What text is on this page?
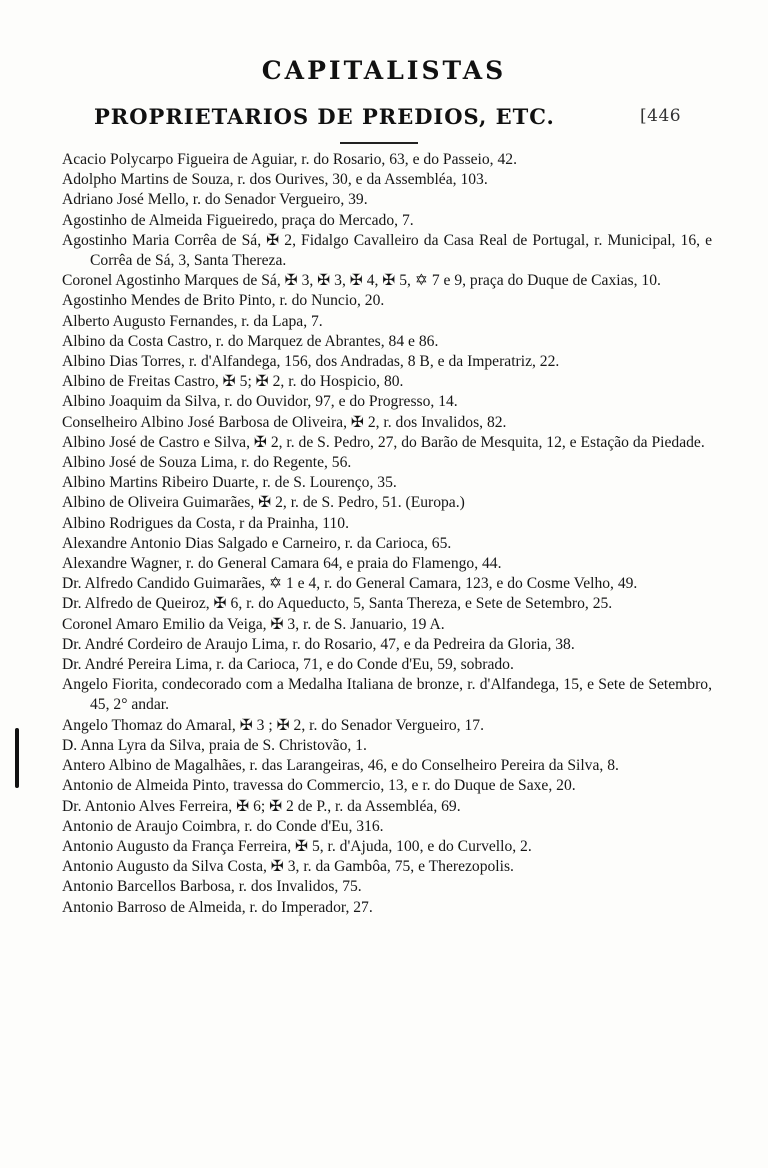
CAPITALISTAS
PROPRIETARIOS DE PREDIOS, ETC.	[446

Acacio Polycarpo Figueira de Aguiar, r. do Rosario, 63, e do Passeio, 42.

Adolpho Martins de Souza, r. dos Ourives, 30, e da Assembléa, 103.

Adriano José Mello, r. do Senador Vergueiro, 39.

Agostinho de Almeida Figueiredo, praça do Mercado, 7.

Agostinho Maria Corrêa de Sá, ✠ 2, Fidalgo Cavalleiro da Casa Real de Portugal, r. Municipal, 16, e Corrêa de Sá, 3, Santa Thereza.

Coronel Agostinho Marques de Sá, ✠ 3, ✠ 3, ✠ 4, ✠ 5, ✡ 7 e 9, praça do Duque de Caxias, 10.

Agostinho Mendes de Brito Pinto, r. do Nuncio, 20.

Alberto Augusto Fernandes, r. da Lapa, 7.

Albino da Costa Castro, r. do Marquez de Abrantes, 84 e 86.

Albino Dias Torres, r. d'Alfandega, 156, dos Andradas, 8 B, e da Imperatriz, 22.

Albino de Freitas Castro, ✠ 5; ✠ 2, r. do Hospicio, 80.

Albino Joaquim da Silva, r. do Ouvidor, 97, e do Progresso, 14.

Conselheiro Albino José Barbosa de Oliveira, ✠ 2, r. dos Invalidos, 82.

Albino José de Castro e Silva, ✠ 2, r. de S. Pedro, 27, do Barão de Mesquita, 12, e Estação da Piedade.

Albino José de Souza Lima, r. do Regente, 56.

Albino Martins Ribeiro Duarte, r. de S. Lourenço, 35.

Albino de Oliveira Guimarães, ✠ 2, r. de S. Pedro, 51. (Europa.)

Albino Rodrigues da Costa, r da Prainha, 110.

Alexandre Antonio Dias Salgado e Carneiro, r. da Carioca, 65.

Alexandre Wagner, r. do General Camara 64, e praia do Flamengo, 44.

Dr. Alfredo Candido Guimarães, ✡ 1 e 4, r. do General Camara, 123, e do Cosme Velho, 49.

Dr. Alfredo de Queiroz, ✠ 6, r. do Aqueducto, 5, Santa Thereza, e Sete de Setembro, 25.

Coronel Amaro Emilio da Veiga, ✠ 3, r. de S. Januario, 19 A.

Dr. André Cordeiro de Araujo Lima, r. do Rosario, 47, e da Pedreira da Gloria, 38.

Dr. André Pereira Lima, r. da Carioca, 71, e do Conde d'Eu, 59, sobrado.

Angelo Fiorita, condecorado com a Medalha Italiana de bronze, r. d'Alfandega, 15, e Sete de Setembro, 45, 2° andar.

Angelo Thomaz do Amaral, ✠ 3 ; ✠ 2, r. do Senador Vergueiro, 17.

D. Anna Lyra da Silva, praia de S. Christovão, 1.

Antero Albino de Magalhães, r. das Larangeiras, 46, e do Conselheiro Pereira da Silva, 8.

Antonio de Almeida Pinto, travessa do Commercio, 13, e r. do Duque de Saxe, 20.

Dr. Antonio Alves Ferreira, ✠ 6; ✠ 2 de P., r. da Assembléa, 69.

Antonio de Araujo Coimbra, r. do Conde d'Eu, 316.

Antonio Augusto da França Ferreira, ✠ 5, r. d'Ajuda, 100, e do Curvello, 2.

Antonio Augusto da Silva Costa, ✠ 3, r. da Gambôa, 75, e Therezopolis.

Antonio Barcellos Barbosa, r. dos Invalidos, 75.

Antonio Barroso de Almeida, r. do Imperador, 27.
